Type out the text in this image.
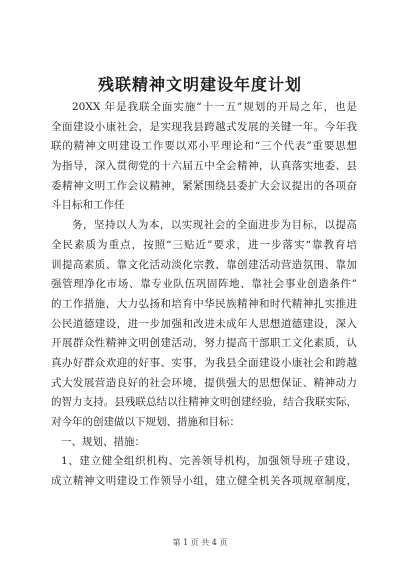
残联精神文明建设年度计划
20XX 年是我联全面实施“十一五”规划的开局之年，也是
全面建设小康社会，是实现我县跨越式发展的关键一年。今年我
联的精神文明建设工作要以邓小平理论和“三个代表”重要思想
为指导，深入贯彻党的十六届五中全会精神，认真落实地委、县
委精神文明工作会议精神，紧紧围绕县委扩大会议提出的各项奋
斗目标和工作任
务，坚持以人为本，以实现社会的全面进步为目标，以提高
全民素质为重点，按照“三贴近”要求，进一步落实“靠教育培
训提高素质、靠文化活动淡化宗教、靠创建活动营造氛围、靠加
强管理净化市场、靠专业队伍巩固阵地、靠社会事业创造条件”
的工作措施，大力弘扬和培育中华民族精神和时代精神扎实推进
公民道德建设，进一步加强和改进未成年人思想道德建设，深入
开展群众性精神文明创建活动，努力提高干部职工文化素质，认
真办好群众欢迎的好事、实事，为我县全面建设小康社会和跨越
式大发展营造良好的社会环境，提供强大的思想保证、精神动力
的智力支持。县残联总结以往精神文明创建经验，结合我联实际，
对今年的创建做以下规划、措施和目标：
一、规划、措施：
1、建立健全组织机构、完善领导机构，加强领导班子建设，
成立精神文明建设工作领导小组，建立健全机关各项规章制度，
第 1 页 共 4 页
